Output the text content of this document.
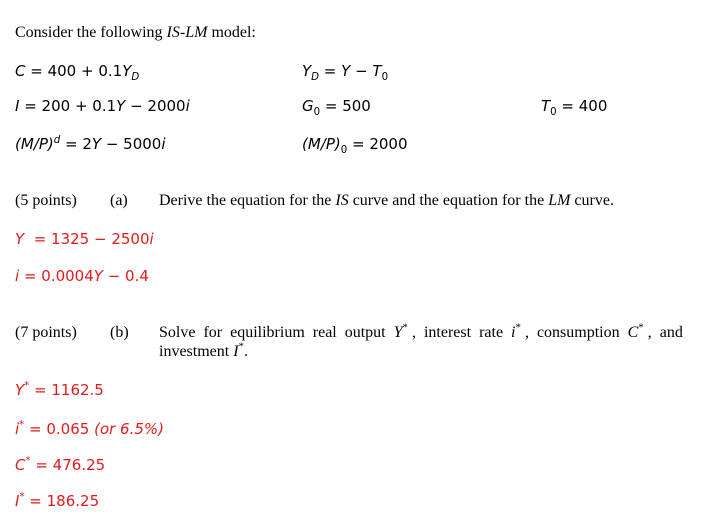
Consider the following IS-LM model:
$C = 400 + 0.1Y_D$	$Y_D = Y - T_0$
I = 200 + 0.1Y − 2000i	$G_0 = 500$	$T_0 = 400$
$(M/P)^d = 2Y - 5000i$	$(M/P)_0 = 2000$
(5 points) (a) Derive the equation for the IS curve and the equation for the LM curve.
Y  = 1325 − 2500i
i = 0.0004Y − 0.4
(7 points) (b) Solve  for  equilibrium  real  output  Y* ,  interest  rate  i* ,  consumption  C* ,  and
investment I*.
Y* = 1162.5
i* = 0.065 (or 6.5%)
C* = 476.25
I* = 186.25
